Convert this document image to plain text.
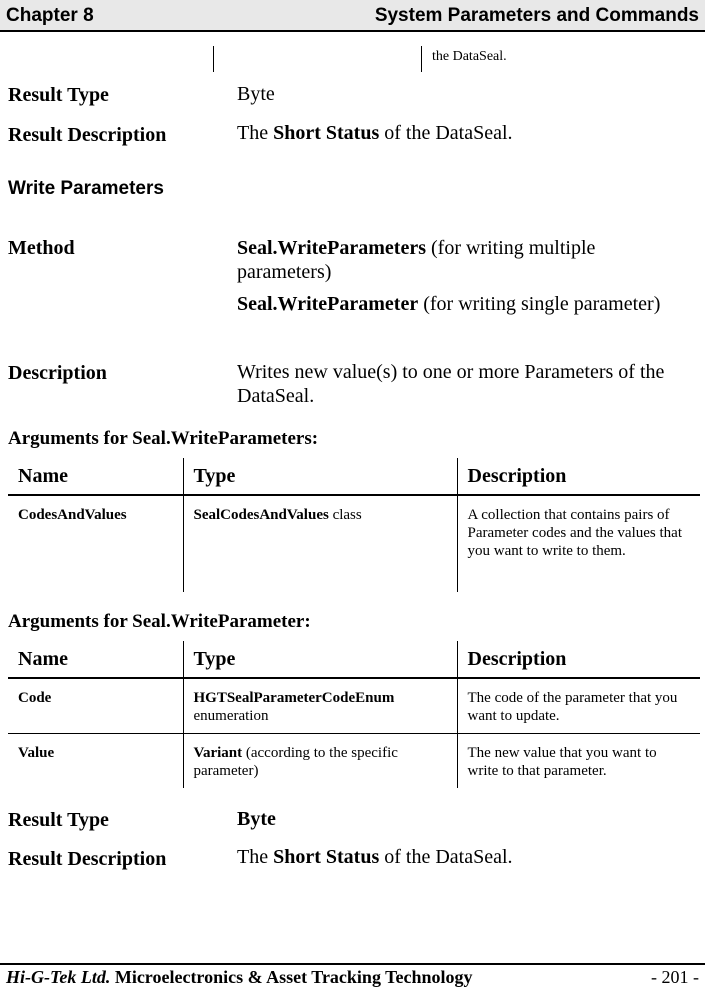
Chapter 8	System Parameters and Commands
the DataSeal.
Result Type	Byte
Result Description	The Short Status of the DataSeal.
Write Parameters
Method	Seal.WriteParameters (for writing multiple parameters)
Seal.WriteParameter (for writing single parameter)
Description	Writes new value(s) to one or more Parameters of the DataSeal.
Arguments for Seal.WriteParameters:
Name	Type	Description
CodesAndValues	SealCodesAndValues class	A collection that contains pairs of Parameter codes and the values that you want to write to them.
Arguments for Seal.WriteParameter:
Name	Type	Description
Code	HGTSealParameterCodeEnum enumeration	The code of the parameter that you want to update.
Value	Variant (according to the specific parameter)	The new value that you want to write to that parameter.
Result Type	Byte
Result Description	The Short Status of the DataSeal.
Hi-G-Tek Ltd. Microelectronics & Asset Tracking Technology	- 201 -
